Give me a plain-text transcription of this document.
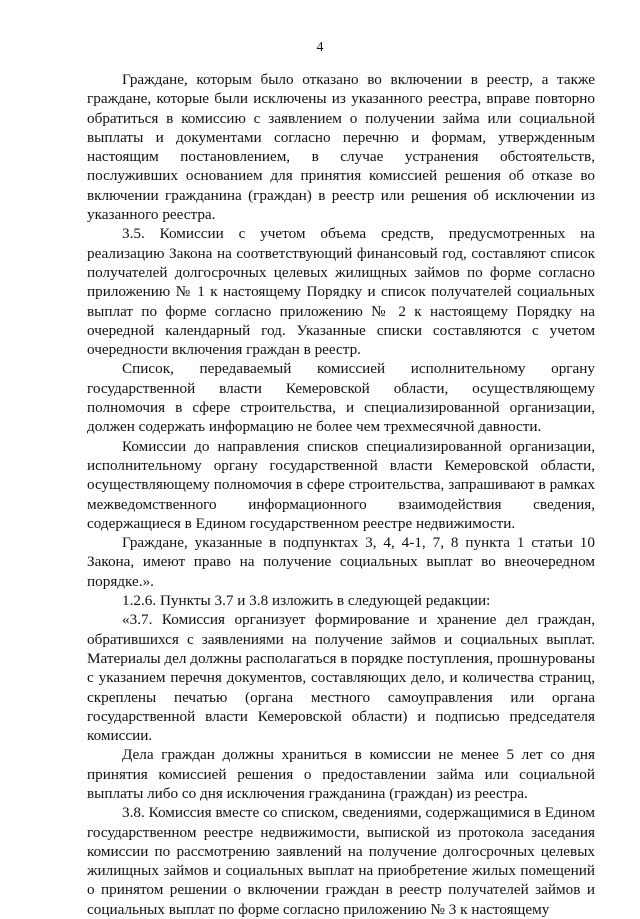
4

Граждане, которым было отказано во включении в реестр, а также граждане, которые были исключены из указанного реестра, вправе повторно обратиться в комиссию с заявлением о получении займа или социальной выплаты и документами согласно перечню и формам, утвержденным настоящим постановлением, в случае устранения обстоятельств, послуживших основанием для принятия комиссией решения об отказе во включении гражданина (граждан) в реестр или решения об исключении из указанного реестра.

3.5. Комиссии с учетом объема средств, предусмотренных на реализацию Закона на соответствующий финансовый год, составляют список получателей долгосрочных целевых жилищных займов по форме согласно приложению № 1 к настоящему Порядку и список получателей социальных выплат по форме согласно приложению № 2 к настоящему Порядку на очередной календарный год. Указанные списки составляются с учетом очередности включения граждан в реестр.

Список, передаваемый комиссией исполнительному органу государственной власти Кемеровской области, осуществляющему полномочия в сфере строительства, и специализированной организации, должен содержать информацию не более чем трехмесячной давности.

Комиссии до направления списков специализированной организации, исполнительному органу государственной власти Кемеровской области, осуществляющему полномочия в сфере строительства, запрашивают в рамках межведомственного информационного взаимодействия сведения, содержащиеся в Едином государственном реестре недвижимости.

Граждане, указанные в подпунктах 3, 4, 4-1, 7, 8 пункта 1 статьи 10 Закона, имеют право на получение социальных выплат во внеочередном порядке.».

1.2.6. Пункты 3.7 и 3.8 изложить в следующей редакции:

«3.7. Комиссия организует формирование и хранение дел граждан, обратившихся с заявлениями на получение займов и социальных выплат. Материалы дел должны располагаться в порядке поступления, прошнурованы с указанием перечня документов, составляющих дело, и количества страниц, скреплены печатью (органа местного самоуправления или органа государственной власти Кемеровской области) и подписью председателя комиссии.

Дела граждан должны храниться в комиссии не менее 5 лет со дня принятия комиссией решения о предоставлении займа или социальной выплаты либо со дня исключения гражданина (граждан) из реестра.

3.8. Комиссия вместе со списком, сведениями, содержащимися в Едином государственном реестре недвижимости, выпиской из протокола заседания комиссии по рассмотрению заявлений на получение долгосрочных целевых жилищных займов и социальных выплат на приобретение жилых помещений о принятом решении о включении граждан в реестр получателей займов и социальных выплат по форме согласно приложению № 3 к настоящему
